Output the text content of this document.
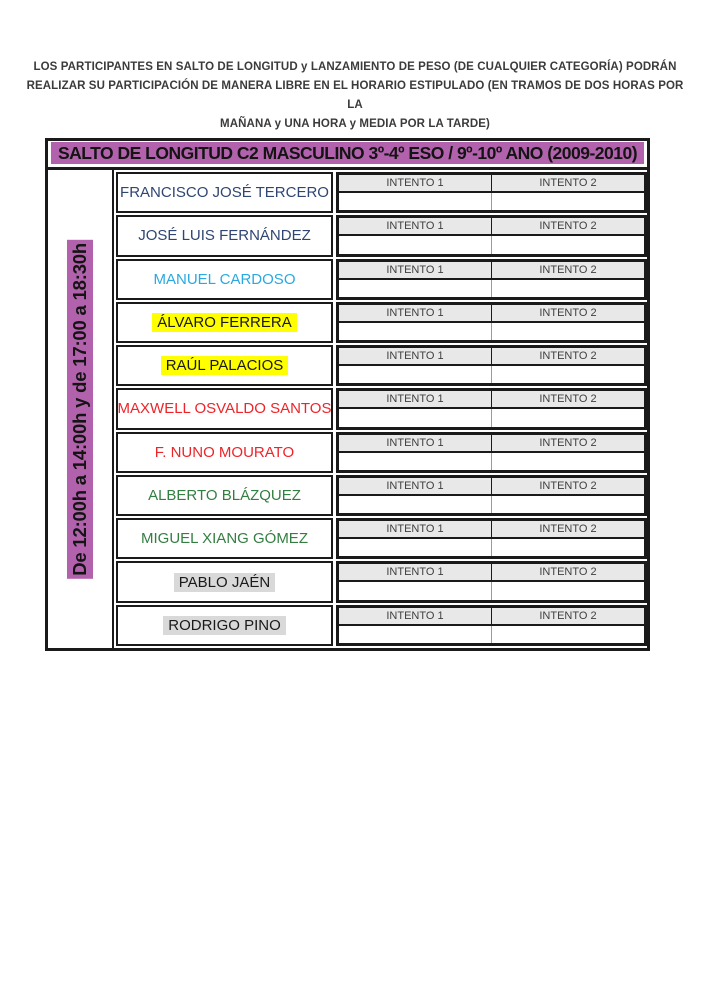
LOS PARTICIPANTES EN SALTO DE LONGITUD y LANZAMIENTO DE PESO (DE CUALQUIER CATEGORÍA) PODRÁN
REALIZAR SU PARTICIPACIÓN DE MANERA LIBRE EN EL HORARIO ESTIPULADO (EN TRAMOS DE DOS HORAS POR LA
MAÑANA y UNA HORA y MEDIA POR LA TARDE)
SALTO DE LONGITUD C2 MASCULINO 3º-4º ESO / 9º-10º ANO (2009-2010)
De 12:00h a 14:00h y de 17:00 a 18:30h
FRANCISCO JOSÉ TERCERO
INTENTO 1	INTENTO 2
JOSÉ LUIS FERNÁNDEZ
INTENTO 1	INTENTO 2
MANUEL CARDOSO
INTENTO 1	INTENTO 2
ÁLVARO FERRERA
INTENTO 1	INTENTO 2
RAÚL PALACIOS
INTENTO 1	INTENTO 2
MAXWELL OSVALDO SANTOS
INTENTO 1	INTENTO 2
F. NUNO MOURATO
INTENTO 1	INTENTO 2
ALBERTO BLÁZQUEZ
INTENTO 1	INTENTO 2
MIGUEL XIANG GÓMEZ
INTENTO 1	INTENTO 2
PABLO JAÉN
INTENTO 1	INTENTO 2
RODRIGO PINO
INTENTO 1	INTENTO 2
